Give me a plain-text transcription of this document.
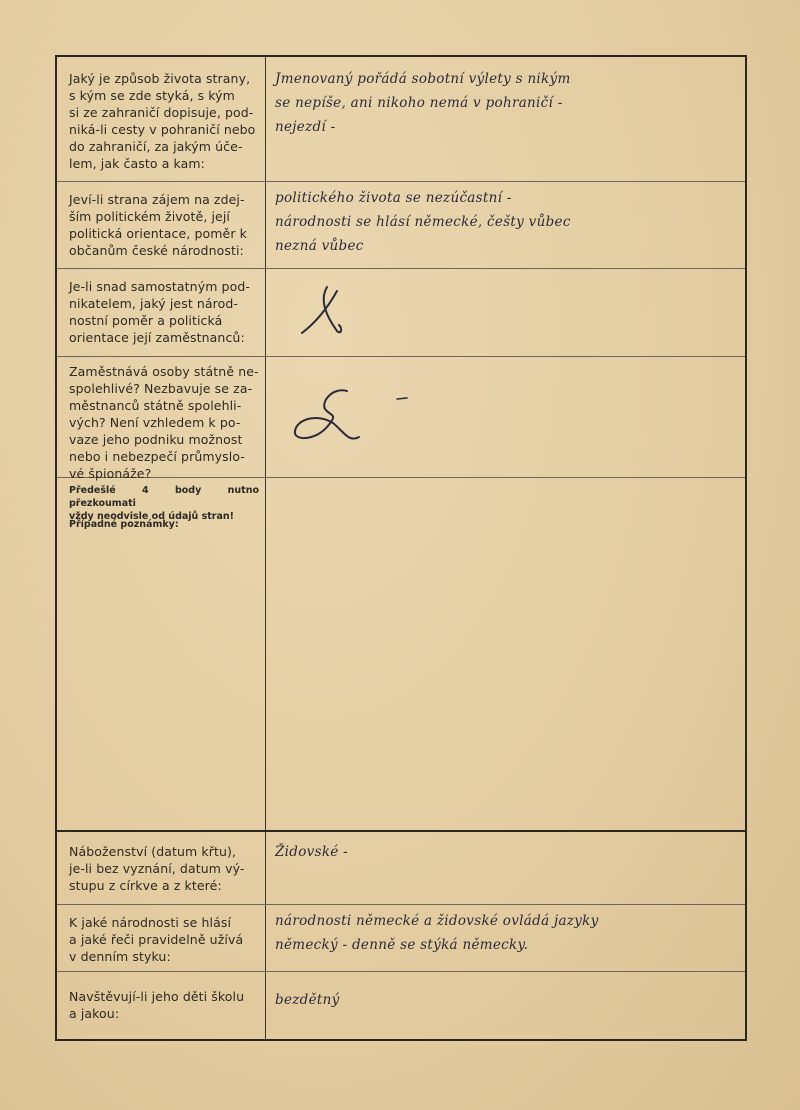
Jaký je způsob života strany,
s kým se zde styká, s kým
si ze zahraničí dopisuje, pod-
niká-li cesty v pohraničí nebo
do zahraničí, za jakým úče-
lem, jak často a kam:
Jmenovaný pořádá sobotní výlety s nikým
se nepíše, ani nikoho nemá v pohraničí -
nejezdí -
Jeví-li strana zájem na zdej-
ším politickém životě, její
politická orientace, poměr k
občanům české národnosti:
politického života se nezúčastní -
národnosti se hlásí německé, češty vůbec
nezná vůbec
Je-li snad samostatným pod-
nikatelem, jaký jest národ-
nostní poměr a politická
orientace její zaměstnanců:
Zaměstnává osoby státně ne-
spolehlivé? Nezbavuje se za-
městnanců státně spolehli-
vých? Není vzhledem k po-
vaze jeho podniku možnost
nebo i nebezpečí průmyslo-
vé špionáže?
Předešlé 4 body nutno přezkoumati
vždy neodvisle od údajů stran!
Případné poznámky:
Náboženství (datum křtu),
je-li bez vyznání, datum vý-
stupu z církve a z které:
Židovské -
K jaké národnosti se hlásí
a jaké řeči pravidelně užívá
v denním styku:
národnosti německé a židovské ovládá jazyky
německý - denně se stýká německy.
Navštěvují-li jeho děti školu
a jakou:
bezdětný
